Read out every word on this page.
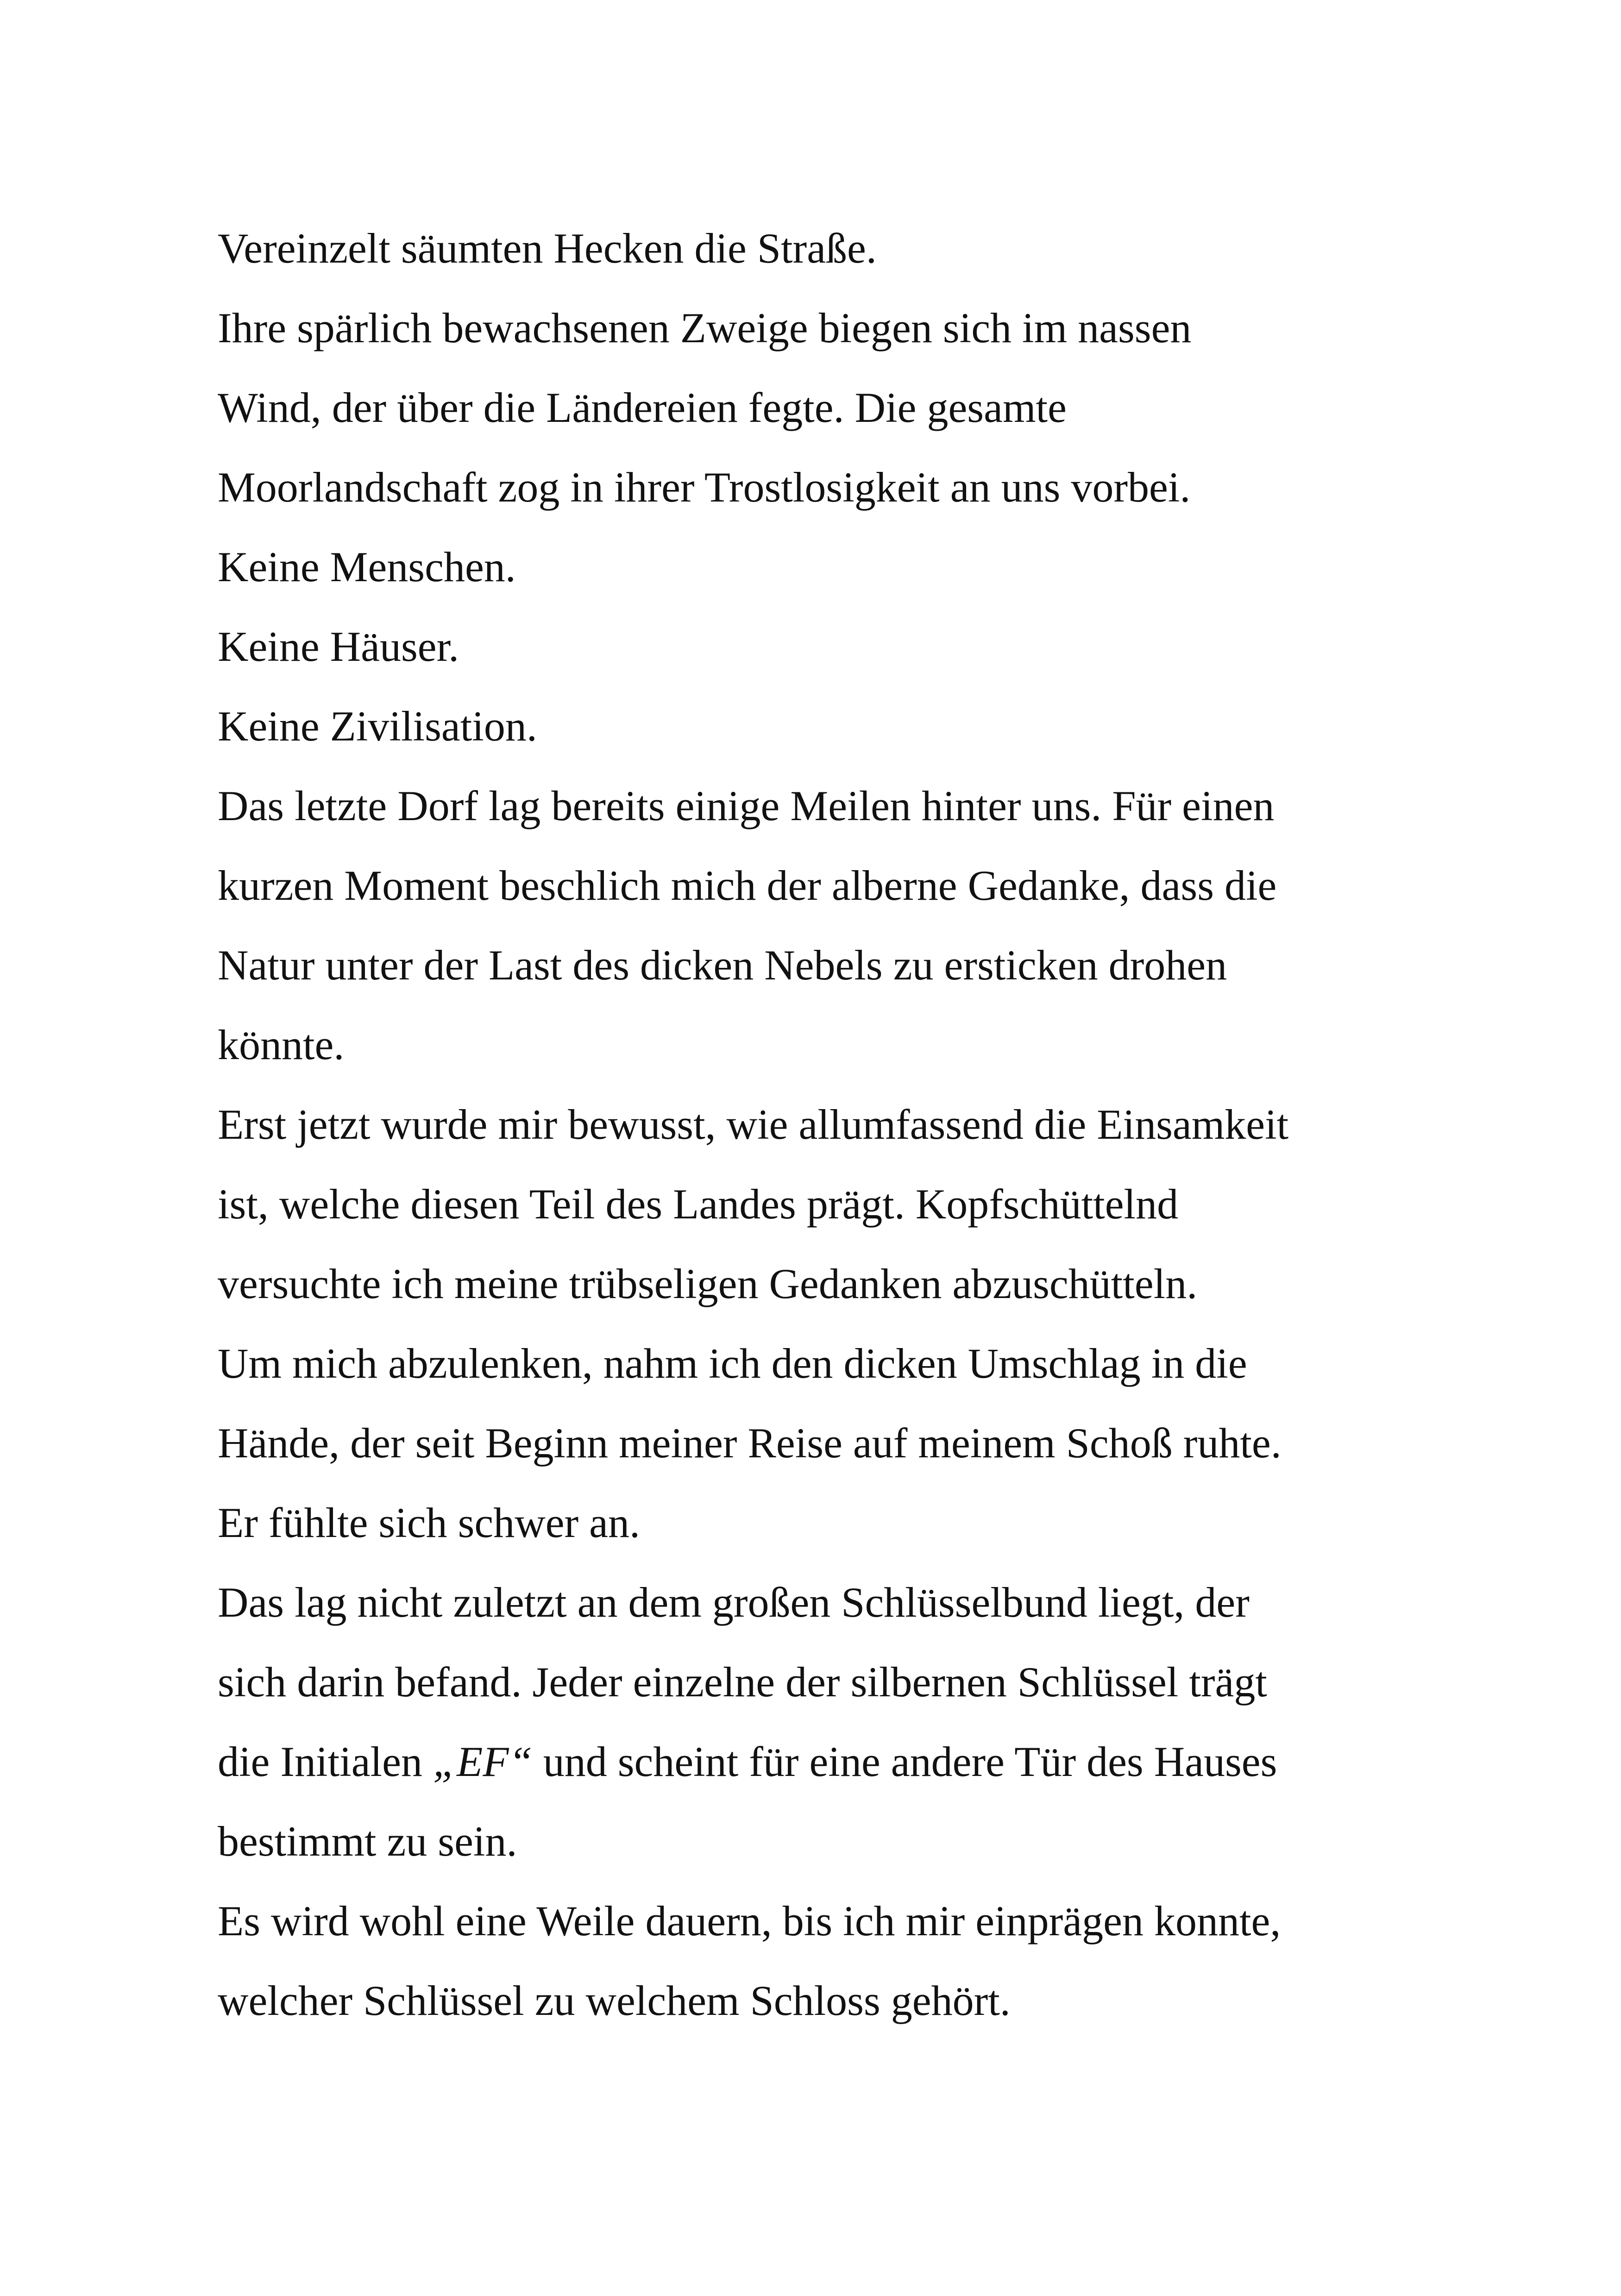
Vereinzelt säumten Hecken die Straße.
Ihre spärlich bewachsenen Zweige biegen sich im nassen
Wind, der über die Ländereien fegte. Die gesamte
Moorlandschaft zog in ihrer Trostlosigkeit an uns vorbei.
Keine Menschen.
Keine Häuser.
Keine Zivilisation.
Das letzte Dorf lag bereits einige Meilen hinter uns. Für einen
kurzen Moment beschlich mich der alberne Gedanke, dass die
Natur unter der Last des dicken Nebels zu ersticken drohen
könnte.
Erst jetzt wurde mir bewusst, wie allumfassend die Einsamkeit
ist, welche diesen Teil des Landes prägt. Kopfschüttelnd
versuchte ich meine trübseligen Gedanken abzuschütteln.
Um mich abzulenken, nahm ich den dicken Umschlag in die
Hände, der seit Beginn meiner Reise auf meinem Schoß ruhte.
Er fühlte sich schwer an.
Das lag nicht zuletzt an dem großen Schlüsselbund liegt, der
sich darin befand. Jeder einzelne der silbernen Schlüssel trägt
die Initialen „EF“ und scheint für eine andere Tür des Hauses
bestimmt zu sein.
Es wird wohl eine Weile dauern, bis ich mir einprägen konnte,
welcher Schlüssel zu welchem Schloss gehört.
